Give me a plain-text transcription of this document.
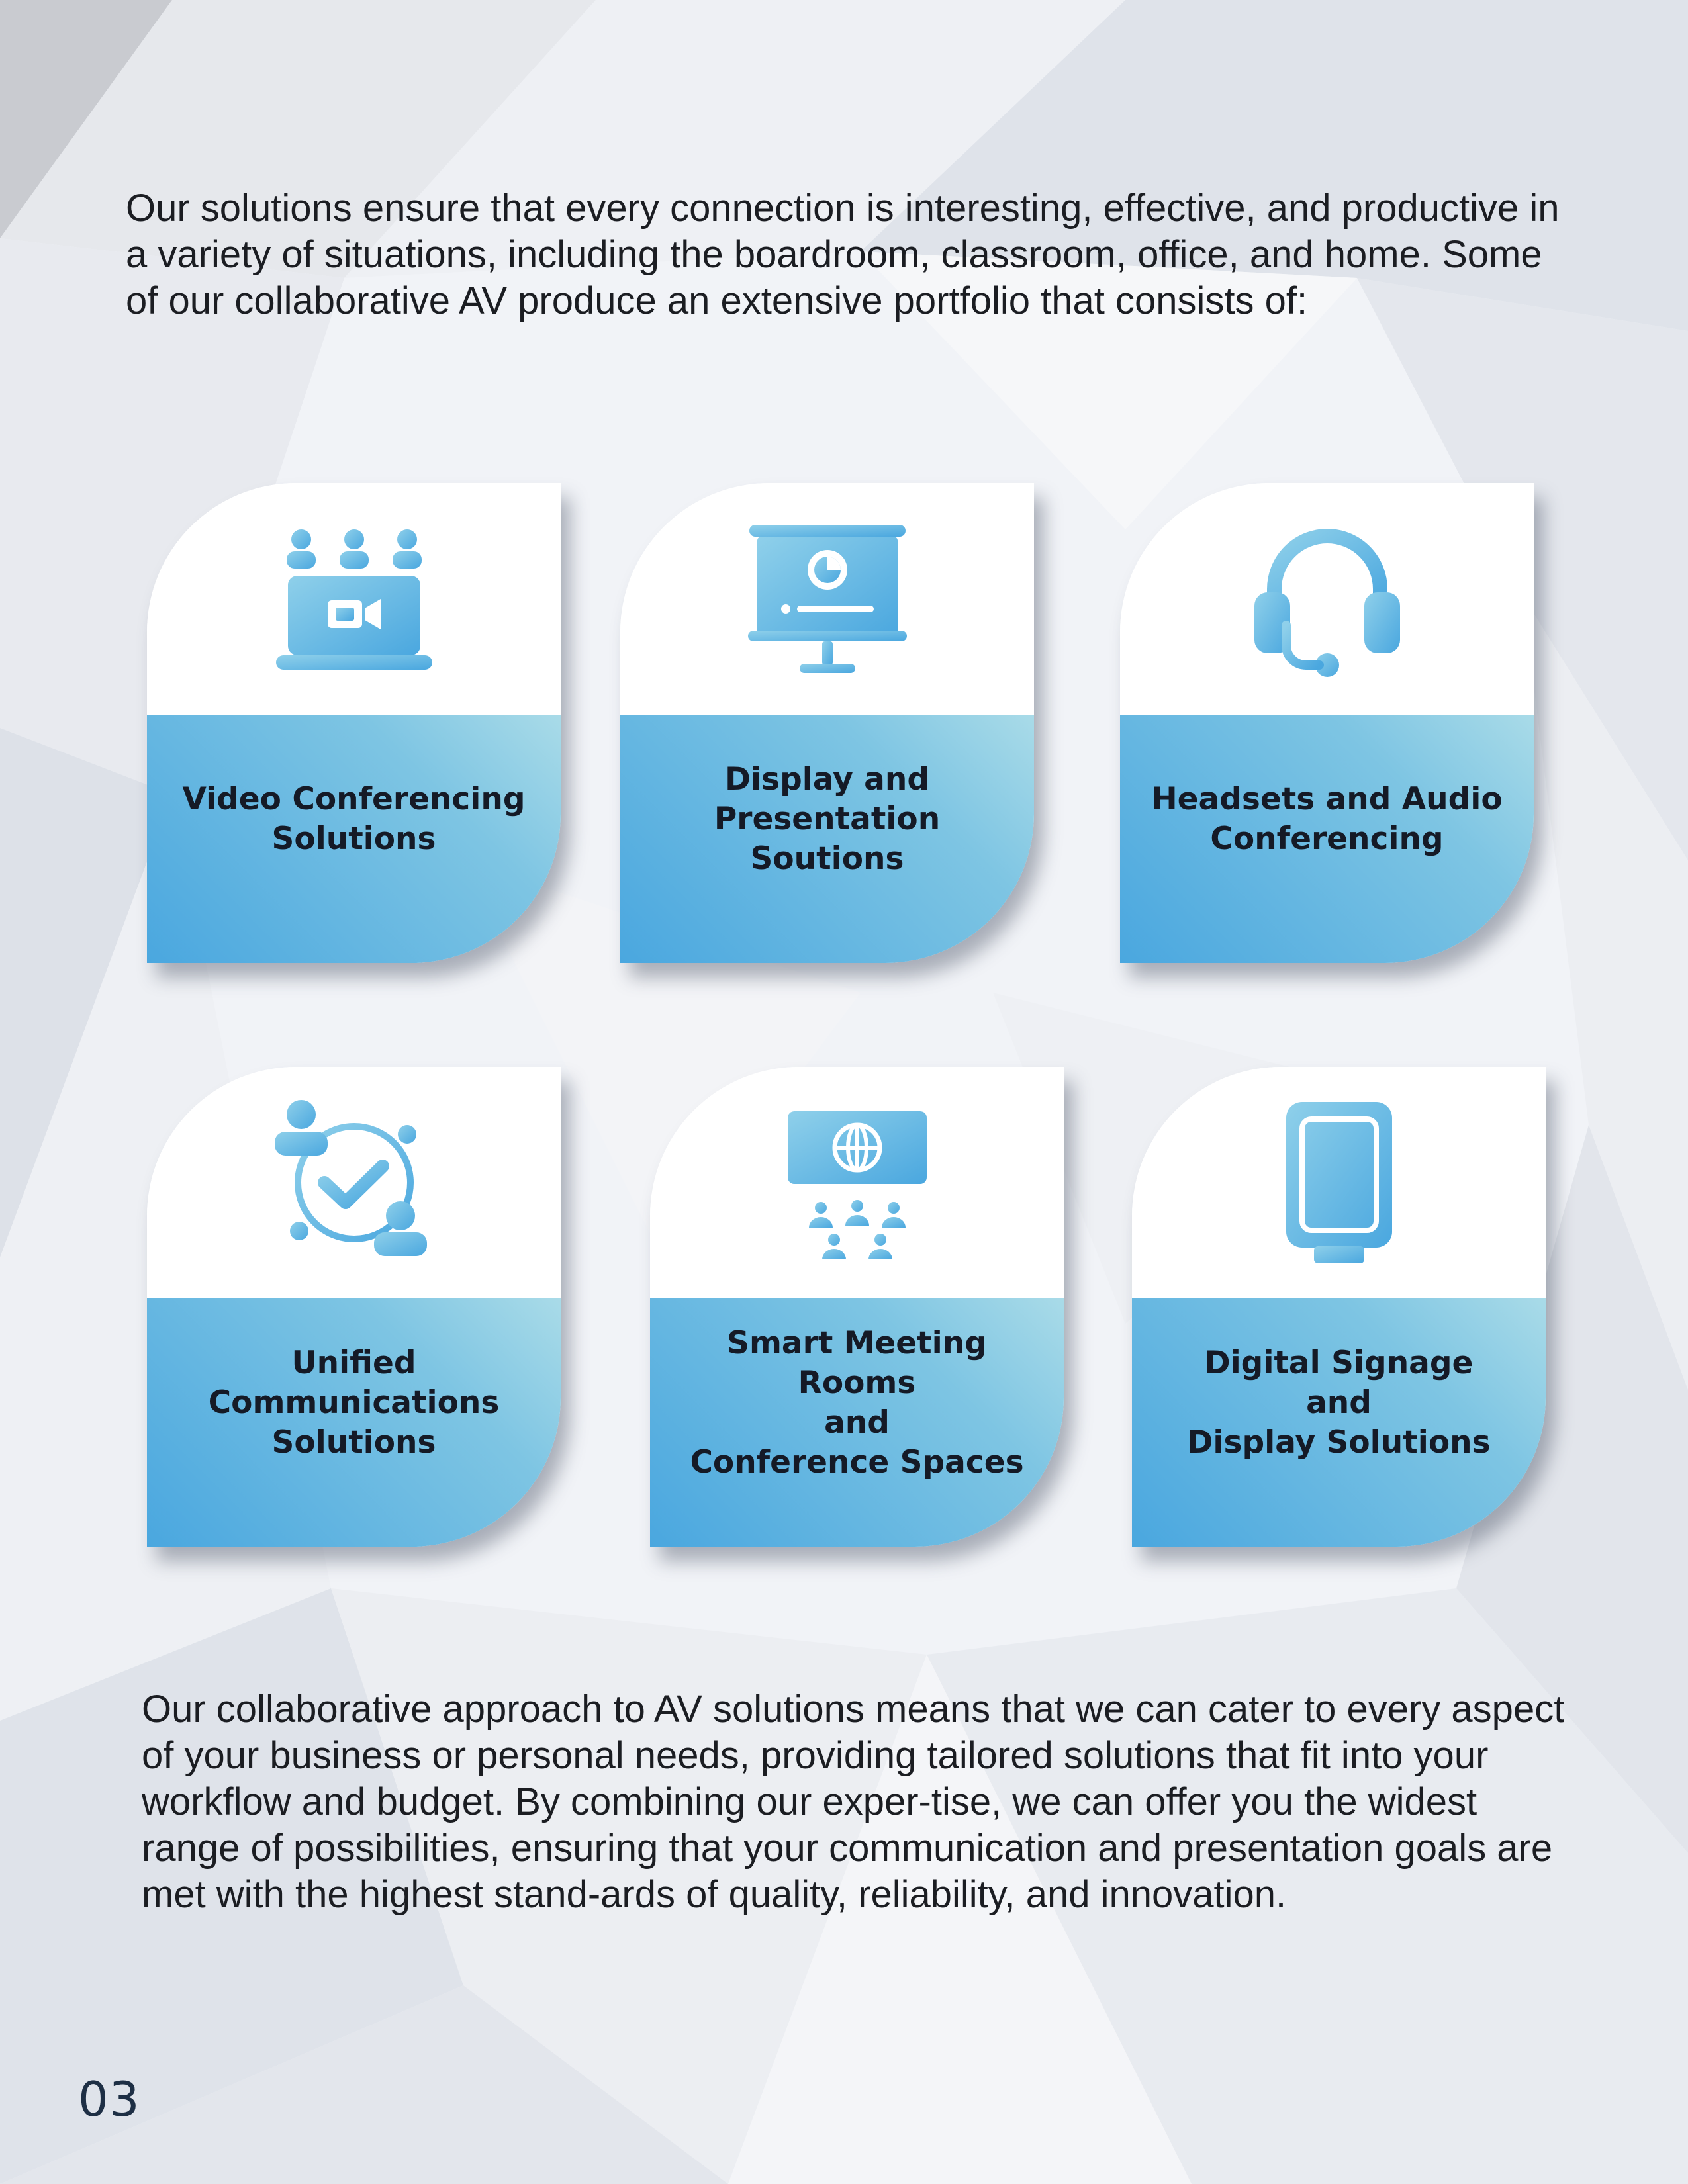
Our solutions ensure that every connection is interesting, effective, and productive in a variety of situations, including the boardroom, classroom, office, and home. Some of our collaborative AV produce an extensive portfolio that consists of:

Video Conferencing
Solutions

Display and
Presentation Soutions

Headsets and Audio
Conferencing

Unified
Communications
Solutions

Smart Meeting Rooms
and
Conference Spaces

Digital Signage
and
Display Solutions

Our collaborative approach to AV solutions means that we can cater to every aspect of your business or personal needs, providing tailored solutions that fit into your workflow and budget. By combining our exper-tise, we can offer you the widest range of possibilities, ensuring that your communication and presentation goals are met with the highest stand-ards of quality, reliability, and innovation.

03
